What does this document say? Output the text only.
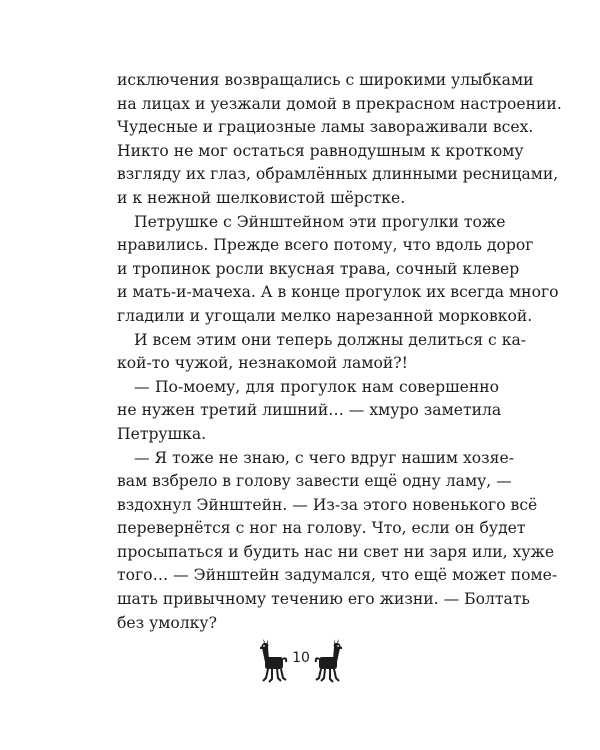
исключения возвращались с широкими улыбками
на лицах и уезжали домой в прекрасном настроении.
Чудесные и грациозные ламы завораживали всех.
Никто не мог остаться равнодушным к кроткому
взгляду их глаз, обрамлённых длинными ресницами,
и к нежной шелковистой шёрстке.
Петрушке с Эйнштейном эти прогулки тоже
нравились. Прежде всего потому, что вдоль дорог
и тропинок росли вкусная трава, сочный клевер
и мать-и-мачеха. А в конце прогулок их всегда много
гладили и угощали мелко нарезанной морковкой.
И всем этим они теперь должны делиться с ка-
кой-то чужой, незнакомой ламой?!
— По-моему, для прогулок нам совершенно
не нужен третий лишний… — хмуро заметила
Петрушка.
— Я тоже не знаю, с чего вдруг нашим хозяе-
вам взбрело в голову завести ещё одну ламу, —
вздохнул Эйнштейн. — Из-за этого новенького всё
перевернётся с ног на голову. Что, если он будет
просыпаться и будить нас ни свет ни заря или, хуже
того… — Эйнштейн задумался, что ещё может поме-
шать привычному течению его жизни. — Болтать
без умолку?
10
